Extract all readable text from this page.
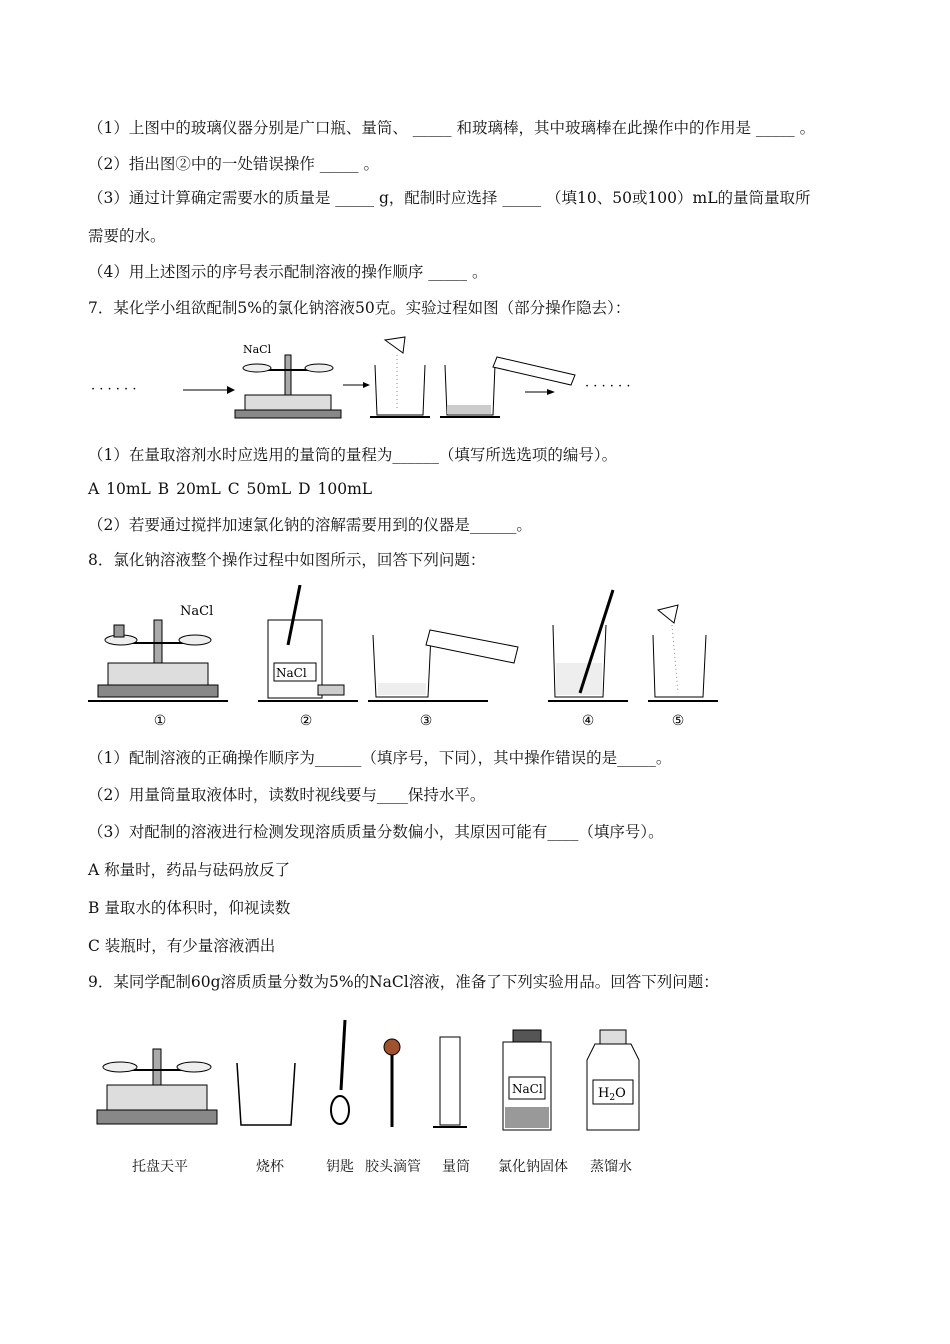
（1）上图中的玻璃仪器分别是广口瓶、量筒、 _____ 和玻璃棒，其中玻璃棒在此操作中的作用是 _____ 。
（2）指出图②中的一处错误操作 _____ 。
（3）通过计算确定需要水的质量是 _____ g，配制时应选择 _____ （填10、50或100）mL的量筒量取所
需要的水。
（4）用上述图示的序号表示配制溶液的操作顺序 _____ 。
7．某化学小组欲配制5%的氯化钠溶液50克。实验过程如图（部分操作隐去）：
· · · · · ·
NaCl
· · · · · ·
（1）在量取溶剂水时应选用的量筒的量程为______（填写所选选项的编号）。
A 10mL B 20mL C 50mL D 100mL
（2）若要通过搅拌加速氯化钠的溶解需要用到的仪器是______。
8．氯化钠溶液整个操作过程中如图所示，回答下列问题：
NaCl
NaCl
①	②	③	④	⑤
（1）配制溶液的正确操作顺序为______（填序号，下同），其中操作错误的是_____。
（2）用量筒量取液体时，读数时视线要与____保持水平。
（3）对配制的溶液进行检测发现溶质质量分数偏小，其原因可能有____（填序号）。
A 称量时，药品与砝码放反了
B 量取水的体积时，仰视读数
C 装瓶时，有少量溶液洒出
9．某同学配制60g溶质质量分数为5%的NaCl溶液，准备了下列实验用品。回答下列问题：
NaCl	$H_2O$
托盘天平	烧杯	钥匙 胶头滴管 量筒 氯化钠固体 蒸馏水
